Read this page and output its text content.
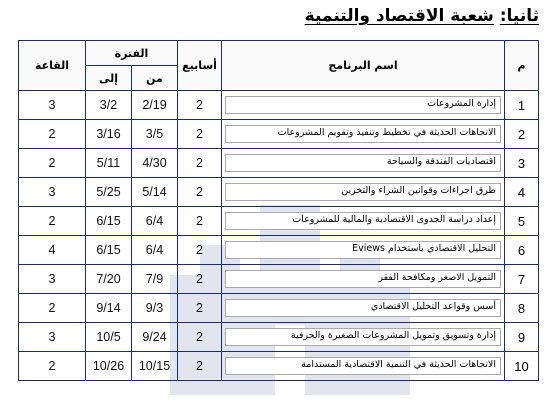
ثانيا: شعبة الاقتصاد والتنمية
م	اسم البرنامج	أسابيع	الفترة		القاعة
			من	إلى	
1	إدارة المشروعات	2	2/19	3/2	3
2	الاتجاهات الحديثة في تخطيط وتنفيذ وتقويم المشروعات	2	3/5	3/16	2
3	اقتصاديات الفندقة والسياحة	2	4/30	5/11	2
4	طرق اجراءات وقوانين الشراء والتخزين	2	5/14	5/25	3
5	إعداد دراسة الجدوى الاقتصادية والمالية للمشروعات	2	6/4	6/15	2
6	التحليل الاقتصادي باستخدام Eviews	2	6/4	6/15	4
7	التمويل الاصغر ومكافحة الفقر	2	7/9	7/20	3
8	أسس وقواعد التحليل الاقتصادي	2	9/3	9/14	2
9	إدارة وتسويق وتمويل المشروعات الصغيرة والحرفية	2	9/24	10/5	3
10	الاتجاهات الحديثة في التنمية الاقتصادية المستدامة	2	10/15	10/26	2
